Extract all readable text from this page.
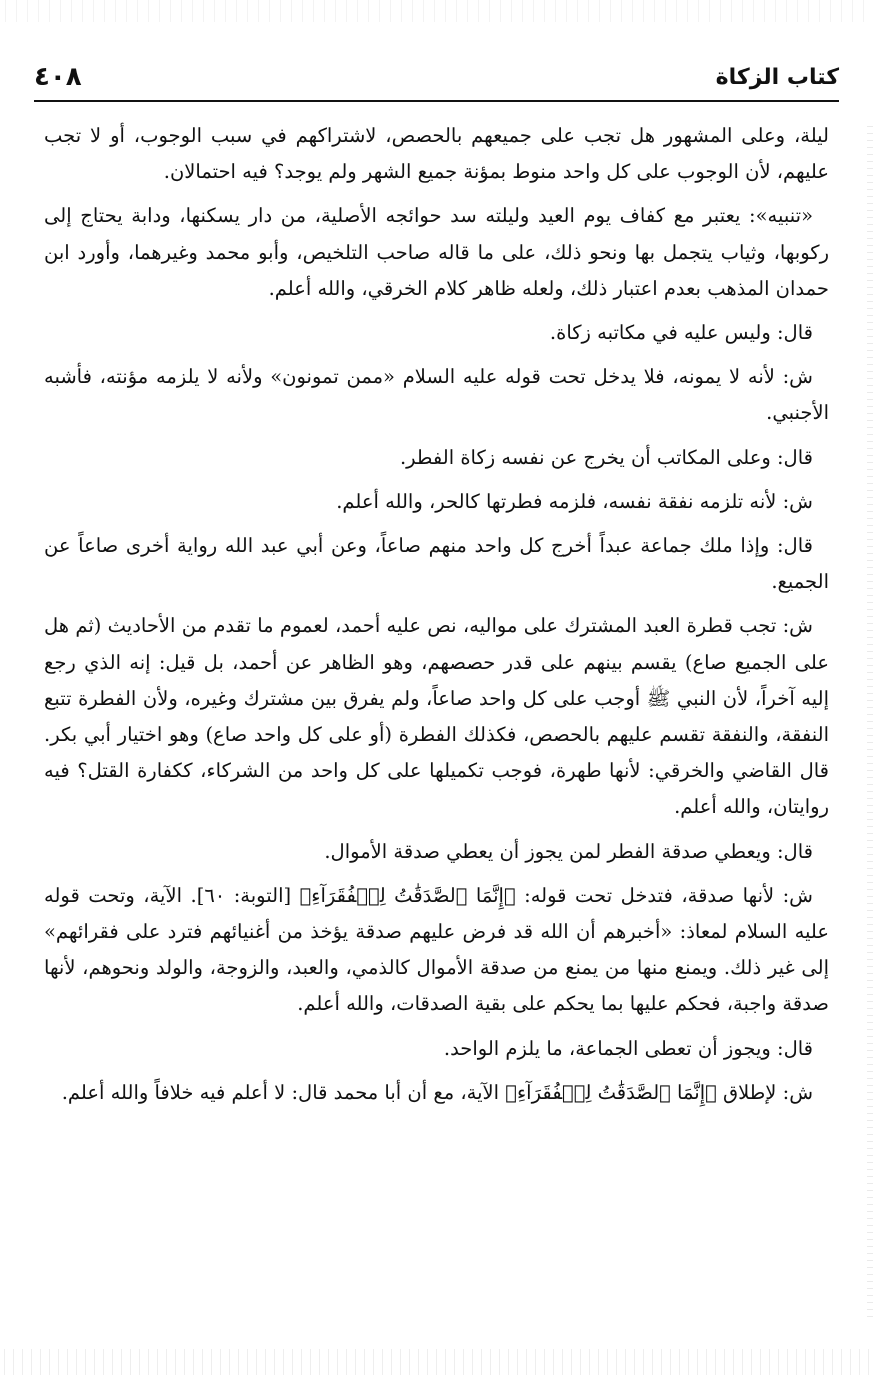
كتاب الزكاة
٤٠٨

ليلة، وعلى المشهور هل تجب على جميعهم بالحصص، لاشتراكهم في سبب الوجوب، أو لا تجب عليهم، لأن الوجوب على كل واحد منوط بمؤنة جميع الشهر ولم يوجد؟ فيه احتمالان.

«تنبيه»: يعتبر مع كفاف يوم العيد وليلته سد حوائجه الأصلية، من دار يسكنها، ودابة يحتاج إلى ركوبها، وثياب يتجمل بها ونحو ذلك، على ما قاله صاحب التلخيص، وأبو محمد وغيرهما، وأورد ابن حمدان المذهب بعدم اعتبار ذلك، ولعله ظاهر كلام الخرقي، والله أعلم.

قال: وليس عليه في مكاتبه زكاة.

ش: لأنه لا يمونه، فلا يدخل تحت قوله عليه السلام «ممن تمونون» ولأنه لا يلزمه مؤنته، فأشبه الأجنبي.

قال: وعلى المكاتب أن يخرج عن نفسه زكاة الفطر.

ش: لأنه تلزمه نفقة نفسه، فلزمه فطرتها كالحر، والله أعلم.

قال: وإذا ملك جماعة عبداً أخرج كل واحد منهم صاعاً، وعن أبي عبد الله رواية أخرى صاعاً عن الجميع.

ش: تجب قطرة العبد المشترك على مواليه، نص عليه أحمد، لعموم ما تقدم من الأحاديث (ثم هل على الجميع صاع) يقسم بينهم على قدر حصصهم، وهو الظاهر عن أحمد، بل قيل: إنه الذي رجع إليه آخراً، لأن النبي ﷺ أوجب على كل واحد صاعاً، ولم يفرق بين مشترك وغيره، ولأن الفطرة تتبع النفقة، والنفقة تقسم عليهم بالحصص، فكذلك الفطرة (أو على كل واحد صاع) وهو اختيار أبي بكر. قال القاضي والخرقي: لأنها طهرة، فوجب تكميلها على كل واحد من الشركاء، ككفارة القتل؟ فيه روايتان، والله أعلم.

قال: ويعطي صدقة الفطر لمن يجوز أن يعطي صدقة الأموال.

ش: لأنها صدقة، فتدخل تحت قوله: ﴿إِنَّمَا ٱلصَّدَقَٰتُ لِلۡفُقَرَآءِ﴾ [التوبة: ٦٠]. الآية، وتحت قوله عليه السلام لمعاذ: «أخبرهم أن الله قد فرض عليهم صدقة يؤخذ من أغنيائهم فترد على فقرائهم» إلى غير ذلك. ويمنع منها من يمنع من صدقة الأموال كالذمي، والعبد، والزوجة، والولد ونحوهم، لأنها صدقة واجبة، فحكم عليها بما يحكم على بقية الصدقات، والله أعلم.

قال: ويجوز أن تعطى الجماعة، ما يلزم الواحد.

ش: لإطلاق ﴿إِنَّمَا ٱلصَّدَقَٰتُ لِلۡفُقَرَآءِ﴾ الآية، مع أن أبا محمد قال: لا أعلم فيه خلافاً والله أعلم.
